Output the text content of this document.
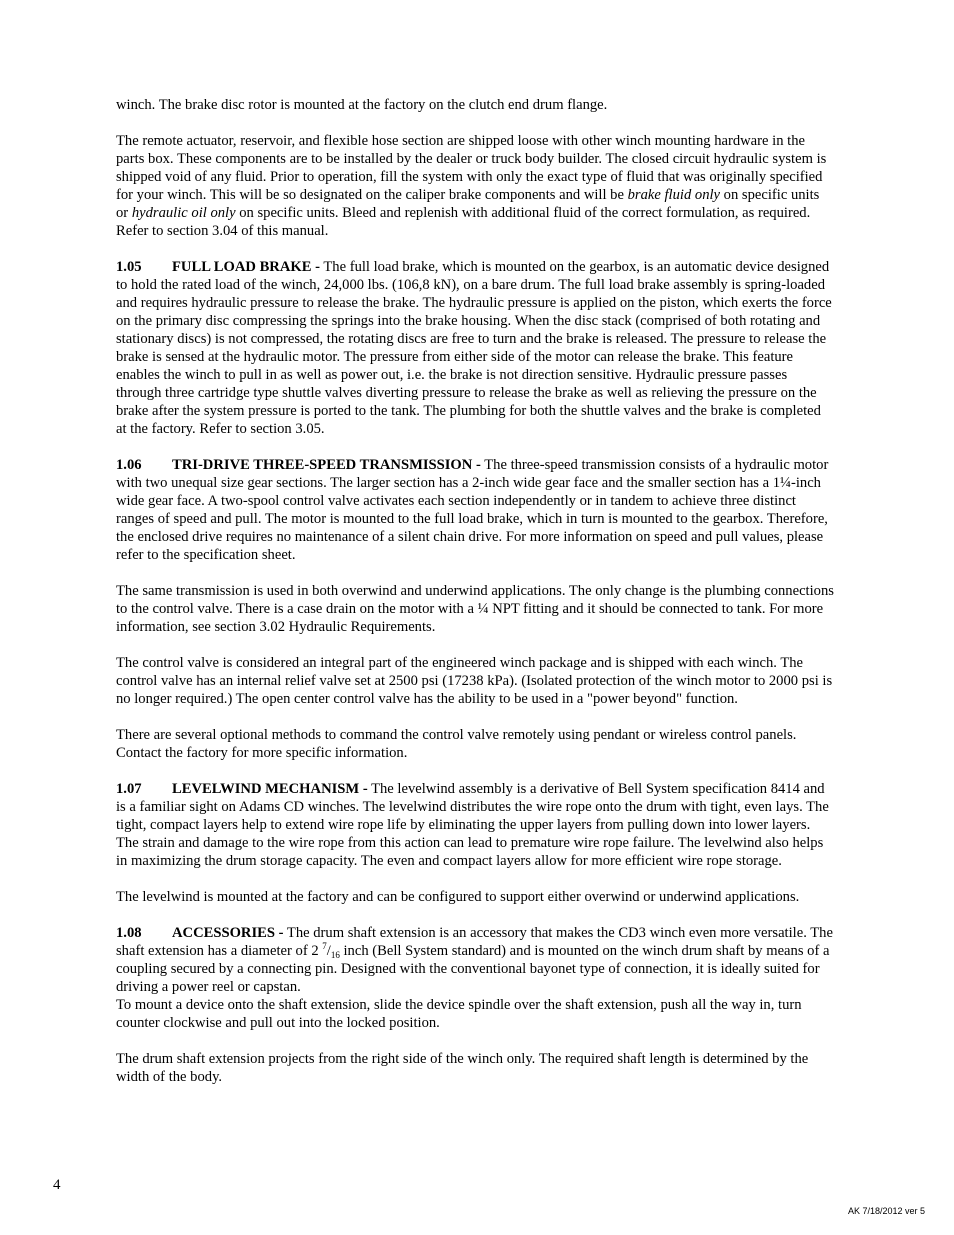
winch. The brake disc rotor is mounted at the factory on the clutch end drum flange.

The remote actuator, reservoir, and flexible hose section are shipped loose with other winch mounting hardware in the parts box. These components are to be installed by the dealer or truck body builder. The closed circuit hydraulic system is shipped void of any fluid. Prior to operation, fill the system with only the exact type of fluid that was originally specified for your winch. This will be so designated on the caliper brake components and will be brake fluid only on specific units or hydraulic oil only on specific units. Bleed and replenish with additional fluid of the correct formulation, as required. Refer to section 3.04 of this manual.

1.05 FULL LOAD BRAKE - The full load brake, which is mounted on the gearbox, is an automatic device designed to hold the rated load of the winch, 24,000 lbs. (106,8 kN), on a bare drum. The full load brake assembly is spring-loaded and requires hydraulic pressure to release the brake. The hydraulic pressure is applied on the piston, which exerts the force on the primary disc compressing the springs into the brake housing. When the disc stack (comprised of both rotating and stationary discs) is not compressed, the rotating discs are free to turn and the brake is released. The pressure to release the brake is sensed at the hydraulic motor. The pressure from either side of the motor can release the brake. This feature enables the winch to pull in as well as power out, i.e. the brake is not direction sensitive. Hydraulic pressure passes through three cartridge type shuttle valves diverting pressure to release the brake as well as relieving the pressure on the brake after the system pressure is ported to the tank. The plumbing for both the shuttle valves and the brake is completed at the factory. Refer to section 3.05.

1.06 TRI-DRIVE THREE-SPEED TRANSMISSION - The three-speed transmission consists of a hydraulic motor with two unequal size gear sections. The larger section has a 2-inch wide gear face and the smaller section has a 1¼-inch wide gear face. A two-spool control valve activates each section independently or in tandem to achieve three distinct ranges of speed and pull. The motor is mounted to the full load brake, which in turn is mounted to the gearbox. Therefore, the enclosed drive requires no maintenance of a silent chain drive. For more information on speed and pull values, please refer to the specification sheet.

The same transmission is used in both overwind and underwind applications. The only change is the plumbing connections to the control valve. There is a case drain on the motor with a ¼ NPT fitting and it should be connected to tank. For more information, see section 3.02 Hydraulic Requirements.

The control valve is considered an integral part of the engineered winch package and is shipped with each winch. The control valve has an internal relief valve set at 2500 psi (17238 kPa). (Isolated protection of the winch motor to 2000 psi is no longer required.) The open center control valve has the ability to be used in a "power beyond" function.

There are several optional methods to command the control valve remotely using pendant or wireless control panels. Contact the factory for more specific information.

1.07 LEVELWIND MECHANISM - The levelwind assembly is a derivative of Bell System specification 8414 and is a familiar sight on Adams CD winches. The levelwind distributes the wire rope onto the drum with tight, even lays. The tight, compact layers help to extend wire rope life by eliminating the upper layers from pulling down into lower layers. The strain and damage to the wire rope from this action can lead to premature wire rope failure. The levelwind also helps in maximizing the drum storage capacity. The even and compact layers allow for more efficient wire rope storage.

The levelwind is mounted at the factory and can be configured to support either overwind or underwind applications.

1.08 ACCESSORIES - The drum shaft extension is an accessory that makes the CD3 winch even more versatile. The shaft extension has a diameter of 2 $^7/_{16}$ inch (Bell System standard) and is mounted on the winch drum shaft by means of a coupling secured by a connecting pin. Designed with the conventional bayonet type of connection, it is ideally suited for driving a power reel or capstan.

To mount a device onto the shaft extension, slide the device spindle over the shaft extension, push all the way in, turn counter clockwise and pull out into the locked position.

The drum shaft extension projects from the right side of the winch only. The required shaft length is determined by the width of the body.

4
AK 7/18/2012 ver 5
